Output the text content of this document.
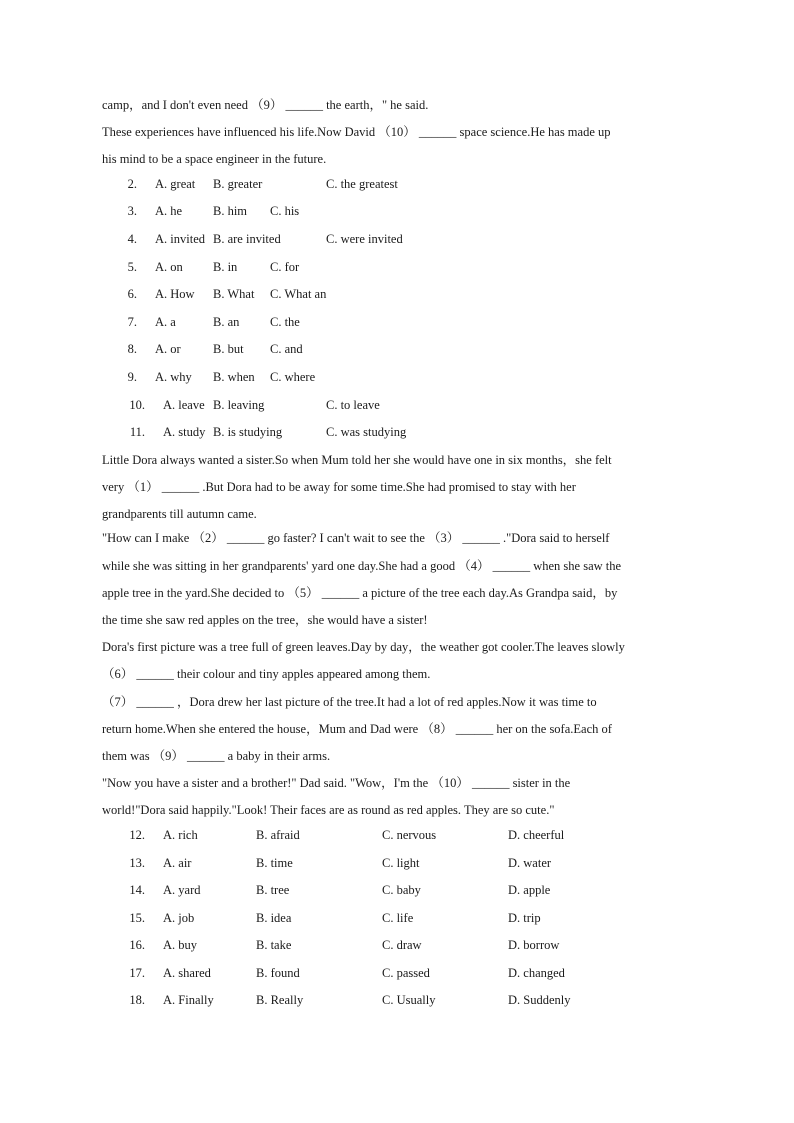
camp，and I don't even need （9） ______ the earth，" he said.
These experiences have influenced his life.Now David （10） ______ space science.He has made up
his mind to be a space engineer in the future.
2. A. great B. greater	C. the greatest
3. A. he B. him C. his
4. A. invited B. are invited	C. were invited
5. A. on B. in	C. for
6. A. How B. What C. What an
7. A. a	B. an C. the
8. A. or	B. but C. and
9. A. why B. when C. where
10. A. leave B. leaving	C. to leave
11. A. study B. is studying	C. was studying
Little Dora always wanted a sister.So when Mum told her she would have one in six months，she felt
very （1） ______ .But Dora had to be away for some time.She had promised to stay with her
grandparents till autumn came.
"How can I make （2） ______ go faster? I can't wait to see the （3） ______ ."Dora said to herself
while she was sitting in her grandparents' yard one day.She had a good （4） ______ when she saw the
apple tree in the yard.She decided to （5） ______ a picture of the tree each day.As Grandpa said，by
the time she saw red apples on the tree，she would have a sister!
Dora's first picture was a tree full of green leaves.Day by day，the weather got cooler.The leaves slowly
（6） ______ their colour and tiny apples appeared among them.
（7） ______ ，Dora drew her last picture of the tree.It had a lot of red apples.Now it was time to
return home.When she entered the house，Mum and Dad were （8） ______ her on the sofa.Each of
them was （9） ______ a baby in their arms.
"Now you have a sister and a brother!" Dad said. "Wow，I'm the （10） ______ sister in the
world!"Dora said happily."Look! Their faces are as round as red apples. They are so cute."
12. A. rich	B. afraid	C. nervous	D. cheerful
13. A. air	B. time	C. light	D. water
14. A. yard	B. tree	C. baby	D. apple
15. A. job	B. idea	C. life	D. trip
16. A. buy	B. take	C. draw	D. borrow
17. A. shared	B. found	C. passed	D. changed
18. A. Finally	B. Really	C. Usually	D. Suddenly
